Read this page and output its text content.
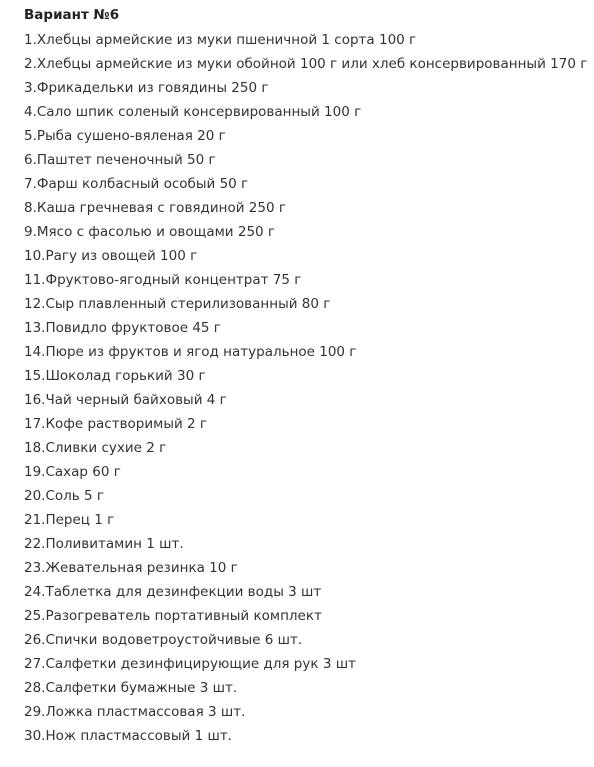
Вариант №6
1.Хлебцы армейские из муки пшеничной 1 сорта 100 г
2.Хлебцы армейские из муки обойной 100 г или хлеб консервированный 170 г
3.Фрикадельки из говядины 250 г
4.Сало шпик соленый консервированный 100 г
5.Рыба сушено-вяленая 20 г
6.Паштет печеночный 50 г
7.Фарш колбасный особый 50 г
8.Каша гречневая с говядиной 250 г
9.Мясо с фасолью и овощами 250 г
10.Рагу из овощей 100 г
11.Фруктово-ягодный концентрат 75 г
12.Сыр плавленный стерилизованный 80 г
13.Повидло фруктовое 45 г
14.Пюре из фруктов и ягод натуральное 100 г
15.Шоколад горький 30 г
16.Чай черный байховый 4 г
17.Кофе растворимый 2 г
18.Сливки сухие 2 г
19.Сахар 60 г
20.Соль 5 г
21.Перец 1 г
22.Поливитамин 1 шт.
23.Жевательная резинка 10 г
24.Таблетка для дезинфекции воды 3 шт
25.Разогреватель портативный комплект
26.Спички водоветроустойчивые 6 шт.
27.Салфетки дезинфицирующие для рук 3 шт
28.Салфетки бумажные 3 шт.
29.Ложка пластмассовая 3 шт.
30.Нож пластмассовый 1 шт.
